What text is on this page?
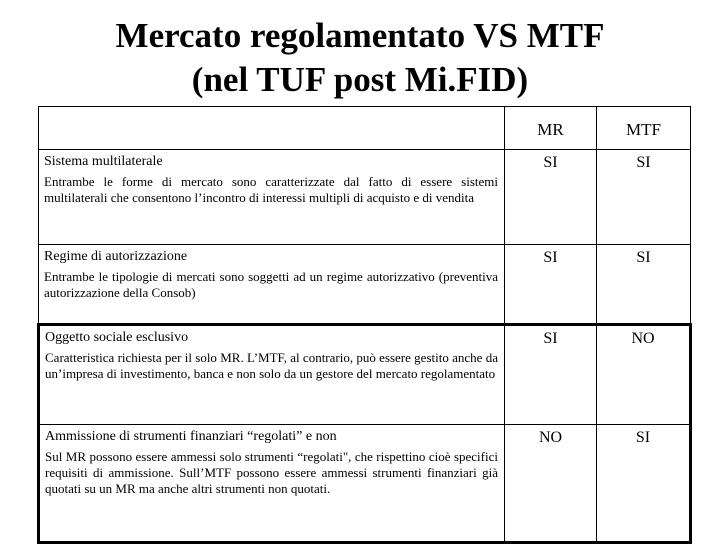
Mercato regolamentato VS MTF
(nel TUF post Mi.FID)
	MR	MTF

Sistema multilaterale
Entrambe le forme di mercato sono caratterizzate dal fatto di essere sistemi multilaterali che consentono l’incontro di interessi multipli di acquisto e di vendita	SI	SI

Regime di autorizzazione
Entrambe le tipologie di mercati sono soggetti ad un regime autorizzativo (preventiva autorizzazione della Consob)	SI	SI

Oggetto sociale esclusivo
Caratteristica richiesta per il solo MR. L’MTF, al contrario, può essere gestito anche da un’impresa di investimento, banca e non solo da un gestore del mercato regolamentato	SI	NO

Ammissione di strumenti finanziari “regolati” e non
Sul MR possono essere ammessi solo strumenti “regolati", che rispettino cioè specifici requisiti di ammissione. Sull’MTF possono essere ammessi strumenti finanziari già quotati su un MR ma anche altri strumenti non quotati.	NO	SI
